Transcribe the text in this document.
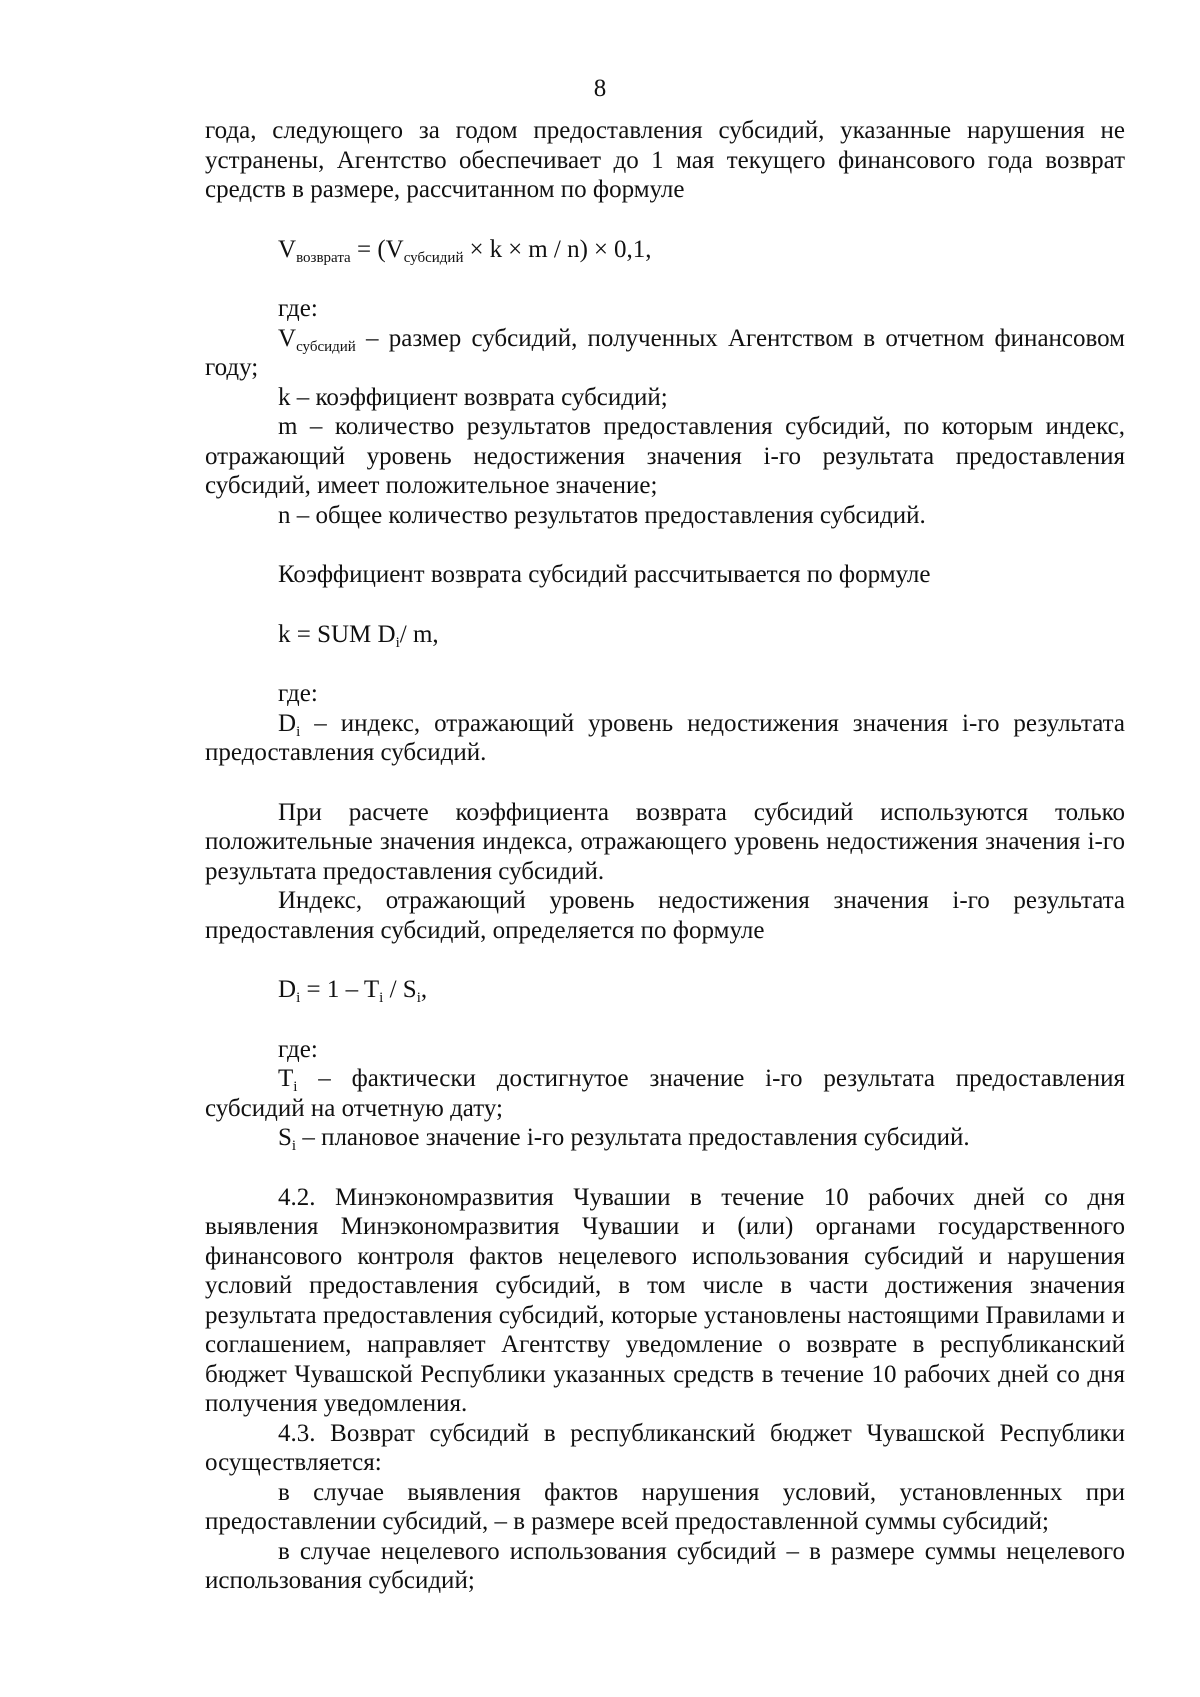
8

года, следующего за годом предоставления субсидий, указанные нарушения не устранены, Агентство обеспечивает до 1 мая текущего финансового года возврат средств в размере, рассчитанном по формуле

$V_{возврата} = (V_{субсидий} \times k \times m / n) \times 0,1$,

где:

$V_{субсидий}$ – размер субсидий, полученных Агентством в отчетном финансовом году;

k – коэффициент возврата субсидий;

m – количество результатов предоставления субсидий, по которым индекс, отражающий уровень недостижения значения i-го результата предоставления субсидий, имеет положительное значение;

n – общее количество результатов предоставления субсидий.

Коэффициент возврата субсидий рассчитывается по формуле

k = SUM $D_i/$ m,

где:

$D_i$ – индекс, отражающий уровень недостижения значения i-го результата предоставления субсидий.

При расчете коэффициента возврата субсидий используются только положительные значения индекса, отражающего уровень недостижения значения i-го результата предоставления субсидий.

Индекс, отражающий уровень недостижения значения i-го результата предоставления субсидий, определяется по формуле

$D_i = 1 - T_i / S_i$,

где:

$T_i$ – фактически достигнутое значение i-го результата предоставления субсидий на отчетную дату;

$S_i$ – плановое значение i-го результата предоставления субсидий.

4.2. Минэкономразвития Чувашии в течение 10 рабочих дней со дня выявления Минэкономразвития Чувашии и (или) органами государственного финансового контроля фактов нецелевого использования субсидий и нарушения условий предоставления субсидий, в том числе в части достижения значения результата предоставления субсидий, которые установлены настоящими Правилами и соглашением, направляет Агентству уведомление о возврате в республиканский бюджет Чувашской Республики указанных средств в течение 10 рабочих дней со дня получения уведомления.

4.3. Возврат субсидий в республиканский бюджет Чувашской Республики осуществляется:

в случае выявления фактов нарушения условий, установленных при предоставлении субсидий, – в размере всей предоставленной суммы субсидий;

в случае нецелевого использования субсидий – в размере суммы нецелевого использования субсидий;
